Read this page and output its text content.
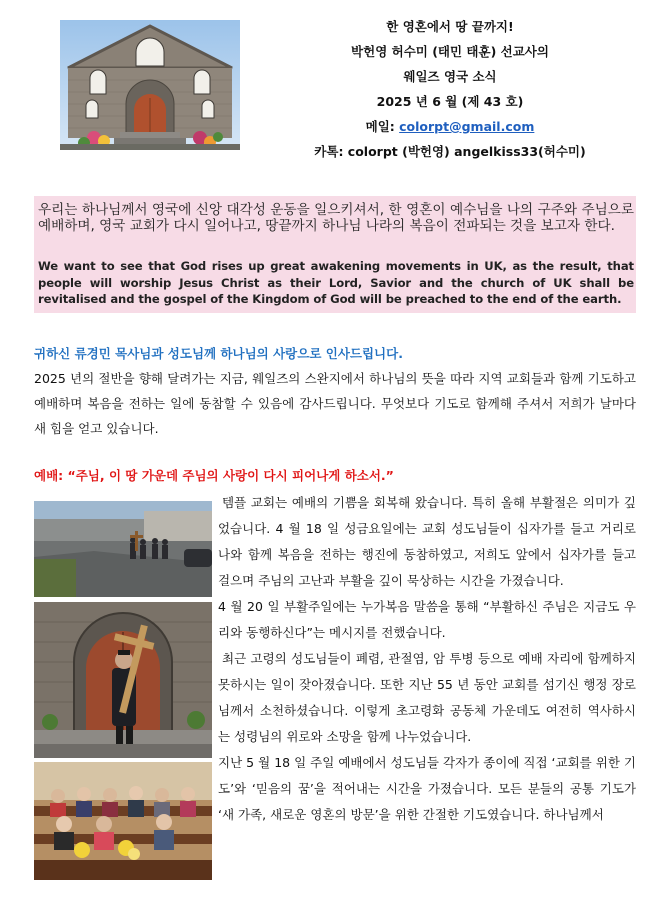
한 영혼에서 땅 끝까지!
박헌영 허수미 (태민 태훈) 선교사의
웨일즈 영국 소식
2025 년 6 월 (제 43 호)
메일: colorpt@gmail.com
카톡: colorpt (박헌영) angelkiss33(허수미)
우리는 하나님께서 영국에 신앙 대각성 운동을 일으키셔서, 한 영혼이 예수님을 나의 구주와 주님으로 예배하며, 영국 교회가 다시 일어나고, 땅끝까지 하나님 나라의 복음이 전파되는 것을 보고자 한다.
We want to see that God rises up great awakening movements in UK, as the result, that people will worship Jesus Christ as their Lord, Savior and the church of UK shall be revitalised and the gospel of the Kingdom of God will be preached to the end of the earth.
귀하신 류경민 목사님과 성도님께 하나님의 사랑으로 인사드립니다.
2025 년의 절반을 향해 달려가는 지금, 웨일즈의 스완지에서 하나님의 뜻을 따라 지역 교회들과 함께 기도하고 예배하며 복음을 전하는 일에 동참할 수 있음에 감사드립니다. 무엇보다 기도로 함께해 주셔서 저희가 날마다 새 힘을 얻고 있습니다.
예배: “주님, 이 땅 가운데 주님의 사랑이 다시 피어나게 하소서.”

템플 교회는 예배의 기쁨을 회복해 왔습니다. 특히 올해 부활절은 의미가 깊었습니다. 4 월 18 일 성금요일에는 교회 성도님들이 십자가를 들고 거리로 나와 함께 복음을 전하는 행진에 동참하였고, 저희도 앞에서 십자가를 들고 걸으며 주님의 고난과 부활을 깊이 묵상하는 시간을 가졌습니다.

4 월 20 일 부활주일에는 누가복음 말씀을 통해 “부활하신 주님은 지금도 우리와 동행하신다”는 메시지를 전했습니다.

최근 고령의 성도님들이 폐렴, 관절염, 암 투병 등으로 예배 자리에 함께하지 못하시는 일이 잦아졌습니다. 또한 지난 55 년 동안 교회를 섬기신 행정 장로님께서 소천하셨습니다. 이렇게 초고령화 공동체 가운데도 여전히 역사하시는 성령님의 위로와 소망을 함께 나누었습니다.

지난 5 월 18 일 주일 예배에서 성도님들 각자가 종이에 직접 ‘교회를 위한 기도’와 ‘믿음의 꿈’을 적어내는 시간을 가졌습니다. 모든 분들의 공통 기도가 ‘새 가족, 새로운 영혼의 방문’을 위한 간절한 기도였습니다. 하나님께서
